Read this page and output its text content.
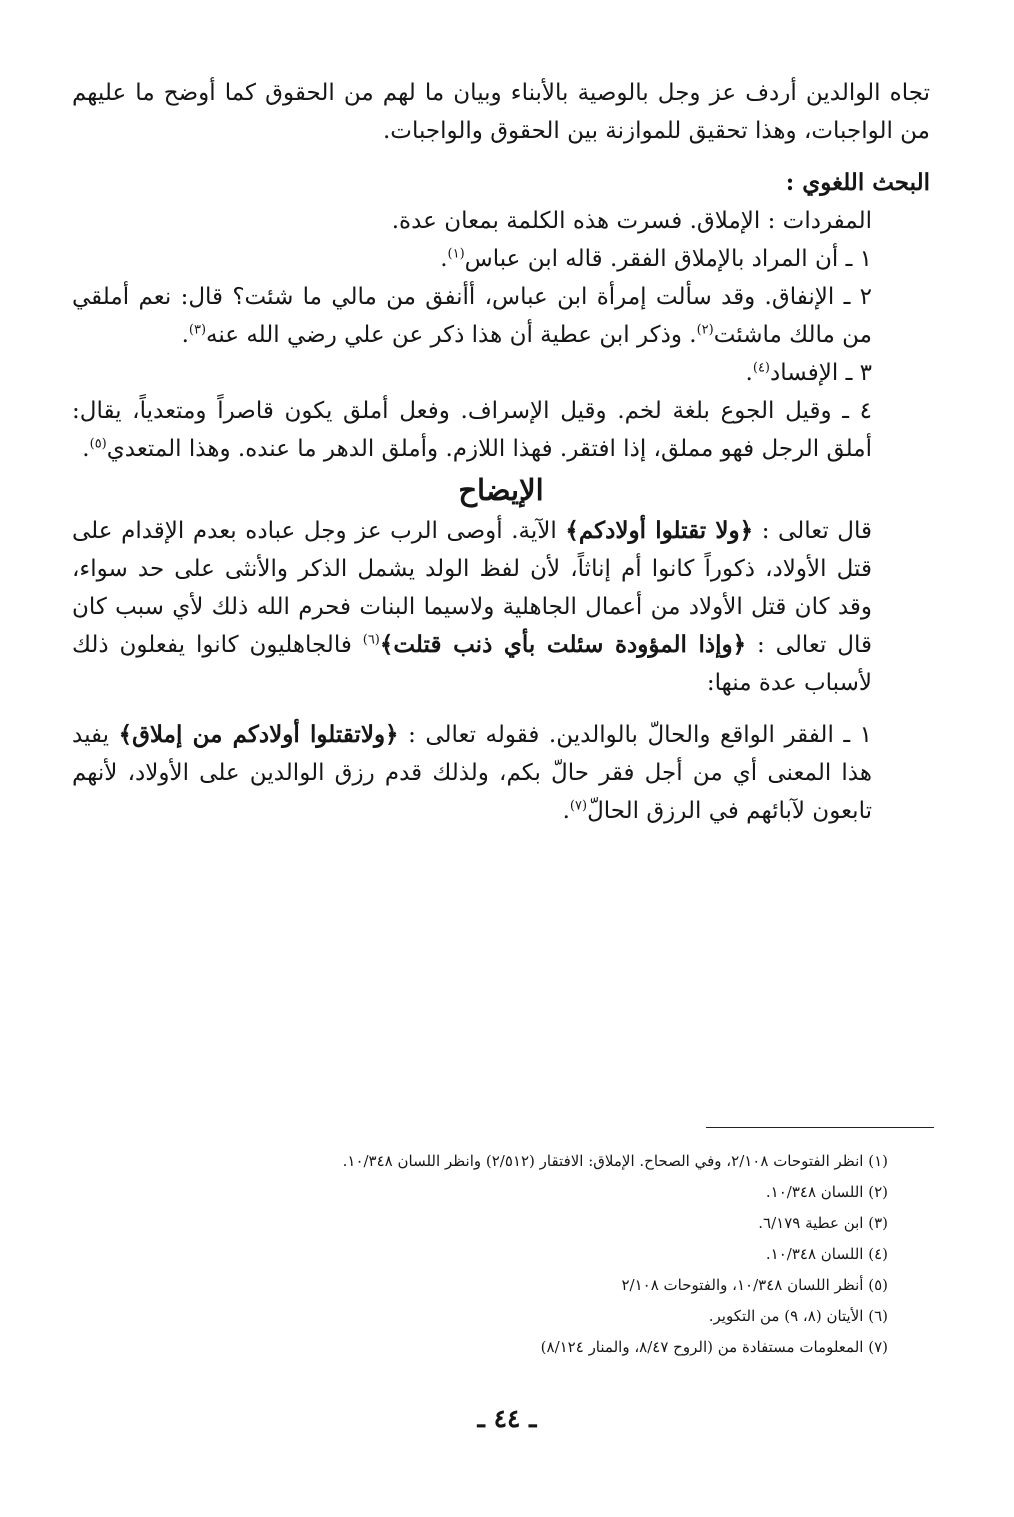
تجاه الوالدين أردف عز وجل بالوصية بالأبناء وبيان ما لهم من الحقوق كما أوضح ما عليهم من الواجبات، وهذا تحقيق للموازنة بين الحقوق والواجبات.

البحث اللغوي :

المفردات : الإملاق. فسرت هذه الكلمة بمعان عدة.

١ ـ أن المراد بالإملاق الفقر. قاله ابن عباس$^{(١)}$.

٢ ـ الإنفاق. وقد سألت إمرأة ابن عباس، أأنفق من مالي ما شئت؟ قال: نعم أملقي من مالك ماشئت$^{(٢)}$. وذكر ابن عطية أن هذا ذكر عن علي رضي الله عنه$^{(٣)}$.

٣ ـ الإفساد$^{(٤)}$.

٤ ـ وقيل الجوع بلغة لخم. وقيل الإسراف. وفعل أملق يكون قاصراً ومتعدياً، يقال: أملق الرجل فهو مملق، إذا افتقر. فهذا اللازم. وأملق الدهر ما عنده. وهذا المتعدي$^{(٥)}$.

الإيضاح

قال تعالى : ﴿ولا تقتلوا أولادكم﴾ الآية. أوصى الرب عز وجل عباده بعدم الإقدام على قتل الأولاد، ذكوراً كانوا أم إناثاً، لأن لفظ الولد يشمل الذكر والأنثى على حد سواء، وقد كان قتل الأولاد من أعمال الجاهلية ولاسيما البنات فحرم الله ذلك لأي سبب كان قال تعالى : ﴿وإذا المؤودة سئلت بأي ذنب قتلت﴾$^{(٦)}$ فالجاهليون كانوا يفعلون ذلك لأسباب عدة منها:

١ ـ الفقر الواقع والحالّ بالوالدين. فقوله تعالى : ﴿ولاتقتلوا أولادكم من إملاق﴾ يفيد هذا المعنى أي من أجل فقر حالّ بكم، ولذلك قدم رزق الوالدين على الأولاد، لأنهم تابعون لآبائهم في الرزق الحالّ$^{(٧)}$.

(١) انظر الفتوحات ٢/١٠٨، وفي الصحاح. الإملاق: الافتقار (٢/٥١٢) وانظر اللسان ١٠/٣٤٨.

(٢) اللسان ١٠/٣٤٨.

(٣) ابن عطية ٦/١٧٩.

(٤) اللسان ١٠/٣٤٨.

(٥) أنظر اللسان ١٠/٣٤٨، والفتوحات ٢/١٠٨

(٦) الأيتان (٨، ٩) من التكوير.

(٧) المعلومات مستفادة من (الروح ٨/٤٧، والمنار ٨/١٢٤)

ـ ٤٤ ـ
